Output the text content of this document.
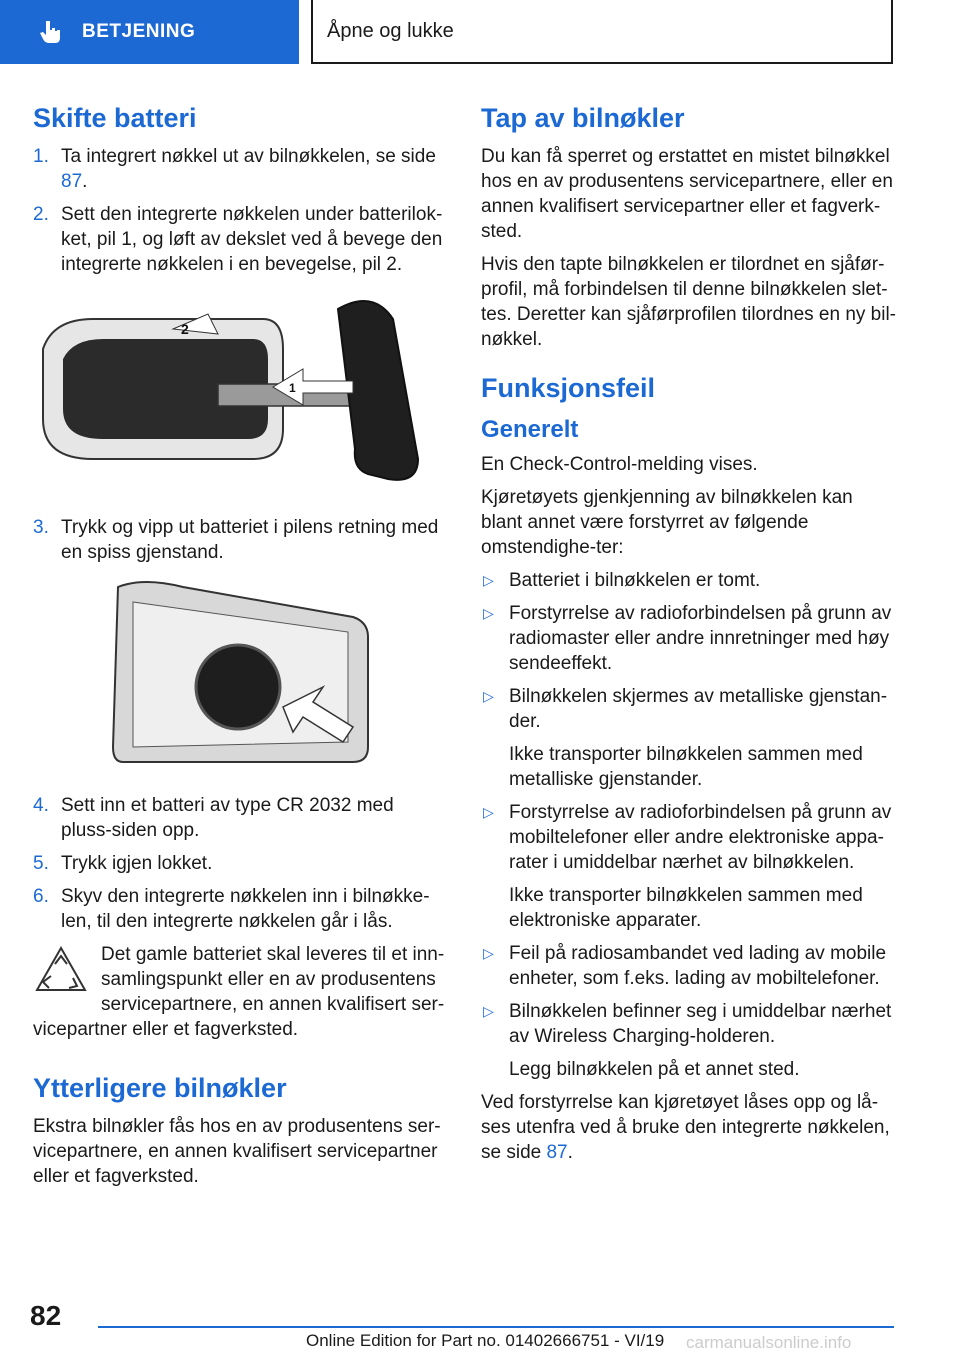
BETJENING	Åpne og lukke
Skifte batteri
1. Ta integrert nøkkel ut av bilnøkkelen, se side 87.
2. Sett den integrerte nøkkelen under batterilok‐ket, pil 1, og løft av dekslet ved å bevege den integrerte nøkkelen i en bevegelse, pil 2.
2
1
3. Trykk og vipp ut batteriet i pilens retning med en spiss gjenstand.
4. Sett inn et batteri av type CR 2032 med pluss-siden opp.
5. Trykk igjen lokket.
6. Skyv den integrerte nøkkelen inn i bilnøkke‐len, til den integrerte nøkkelen går i lås.
Det gamle batteriet skal leveres til et inn‐samlingspunkt eller en av produsentens servicepartnere, en annen kvalifisert ser‐vicepartner eller et fagverksted.
Ytterligere bilnøkler

Ekstra bilnøkler fås hos en av produsentens ser‐vicepartnere, en annen kvalifisert servicepartner eller et fagverksted.

Tap av bilnøkler

Du kan få sperret og erstattet en mistet bilnøkkel hos en av produsentens servicepartnere, eller en annen kvalifisert servicepartner eller et fagverk‐sted.

Hvis den tapte bilnøkkelen er tilordnet en sjåfør‐profil, må forbindelsen til denne bilnøkkelen slet‐tes. Deretter kan sjåførprofilen tilordnes en ny bil‐nøkkel.

Funksjonsfeil
Generelt

En Check-Control-melding vises.

Kjøretøyets gjenkjenning av bilnøkkelen kan blant annet være forstyrret av følgende omstendighe‐ter:

▷ Batteriet i bilnøkkelen er tomt.
▷ Forstyrrelse av radioforbindelsen på grunn av radiomaster eller andre innretninger med høy sendeeffekt.
▷ Bilnøkkelen skjermes av metalliske gjenstan‐der.
Ikke transporter bilnøkkelen sammen med metalliske gjenstander.
▷ Forstyrrelse av radioforbindelsen på grunn av mobiltelefoner eller andre elektroniske appa‐rater i umiddelbar nærhet av bilnøkkelen.
Ikke transporter bilnøkkelen sammen med elektroniske apparater.
▷ Feil på radiosambandet ved lading av mobile enheter, som f.eks. lading av mobiltelefoner.
▷ Bilnøkkelen befinner seg i umiddelbar nærhet av Wireless Charging-holderen.
Legg bilnøkkelen på et annet sted.

Ved forstyrrelse kan kjøretøyet låses opp og lå‐ses utenfra ved å bruke den integrerte nøkkelen, se side 87.

82
Online Edition for Part no. 01402666751 - VI/19 carmanualsonline.info
